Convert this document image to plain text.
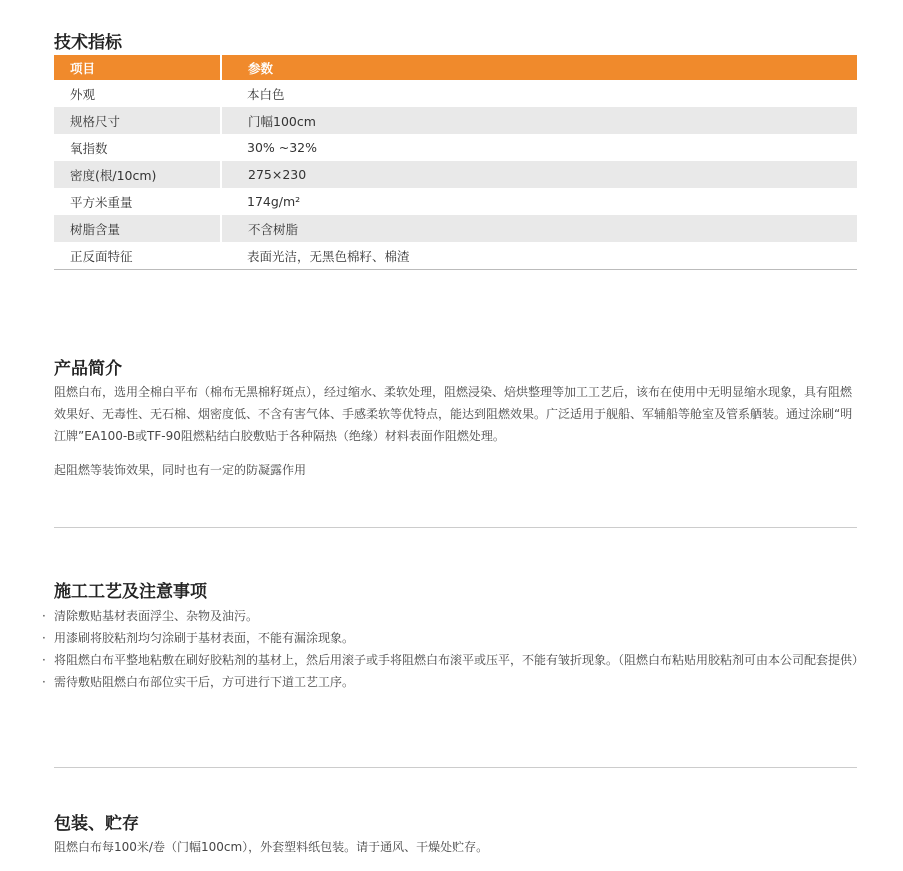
技术指标
项目	参数
外观	本白色
规格尺寸	门幅100cm
氧指数	30% ~32%
密度(根/10cm)	275×230
平方米重量	174g/m²
树脂含量	不含树脂
正反面特征	表面光洁，无黑色棉籽、棉渣
产品简介

阻燃白布，选用全棉白平布（棉布无黑棉籽斑点），经过缩水、柔软处理，阻燃浸染、焙烘整理等加工工艺后，该布在使用中无明显缩水现象，具有阻燃效果好、无毒性、无石棉、烟密度低、不含有害气体、手感柔软等优特点，能达到阻燃效果。广泛适用于舰船、军辅船等舱室及管系舾装。通过涂刷“明江牌”EA100-B或TF-90阻燃粘结白胶敷贴于各种隔热（绝缘）材料表面作阻燃处理。

起阻燃等装饰效果，同时也有一定的防凝露作用

施工工艺及注意事项
· 清除敷贴基材表面浮尘、杂物及油污。
· 用漆刷将胶粘剂均匀涂刷于基材表面，不能有漏涂现象。
· 将阻燃白布平整地粘敷在刷好胶粘剂的基材上，然后用滚子或手将阻燃白布滚平或压平，不能有皱折现象。（阻燃白布粘贴用胶粘剂可由本公司配套提供）
· 需待敷贴阻燃白布部位实干后，方可进行下道工艺工序。
包装、贮存

阻燃白布每100米/卷（门幅100cm），外套塑料纸包装。请于通风、干燥处贮存。
